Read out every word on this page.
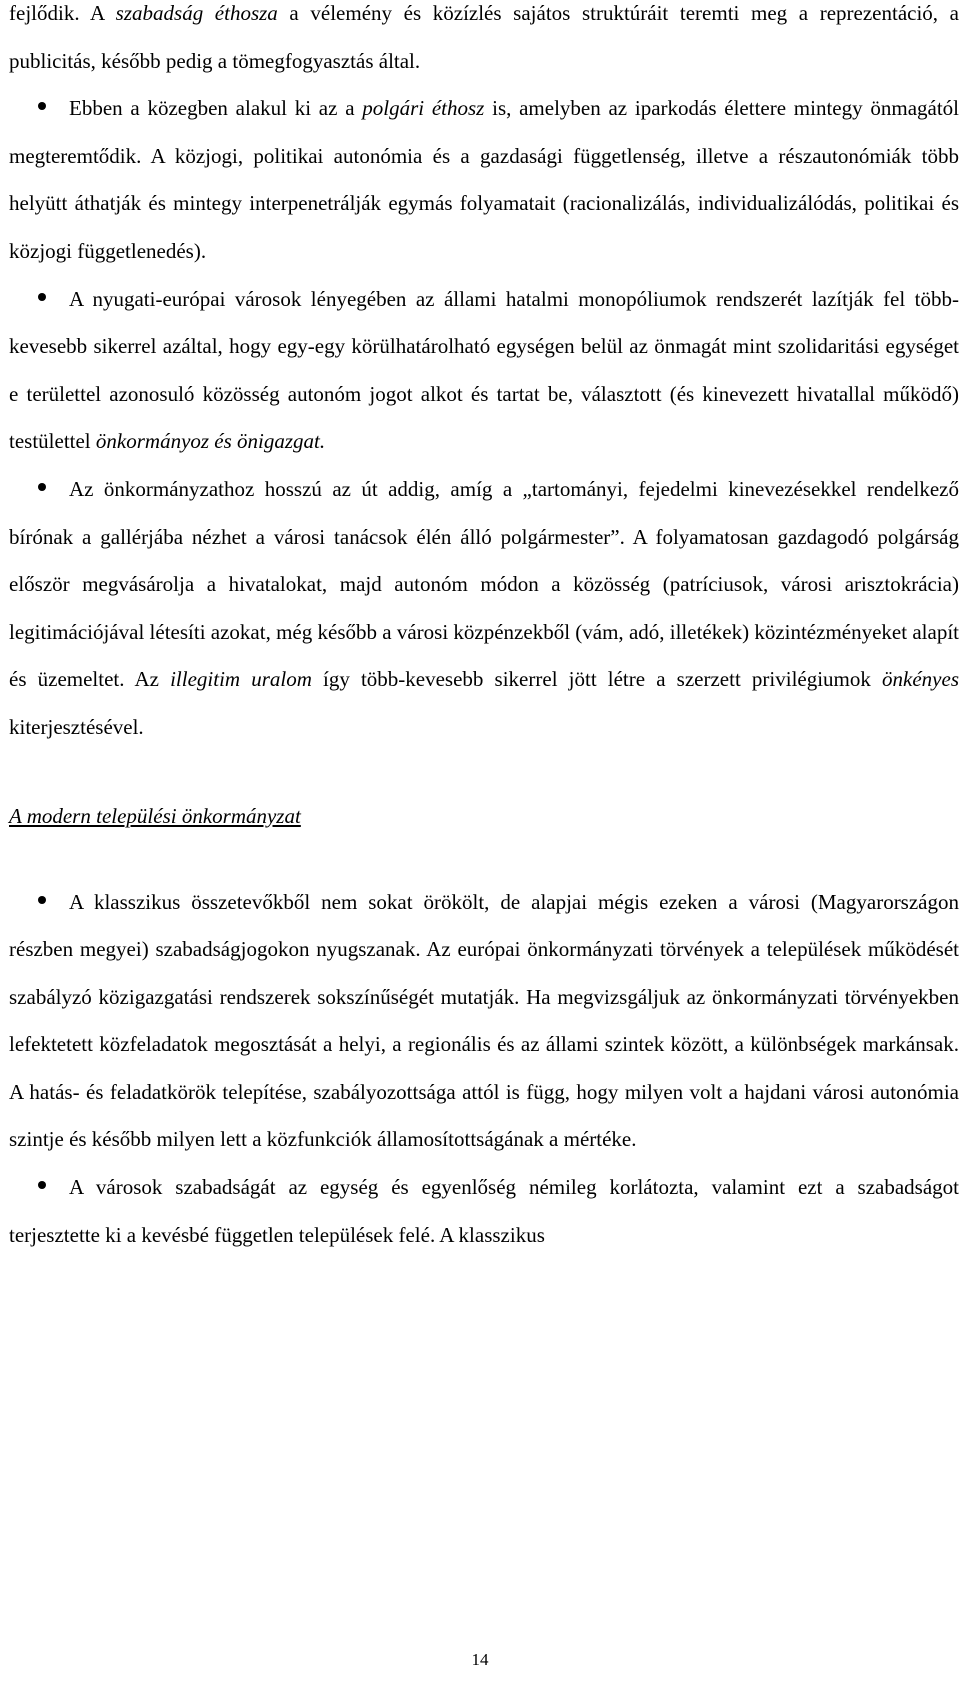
fejlődik. A szabadság éthosza a vélemény és közízlés sajátos struktúráit teremti meg a reprezentáció, a publicitás, később pedig a tömegfogyasztás által.

Ebben a közegben alakul ki az a polgári éthosz is, amelyben az iparkodás élettere mintegy önmagától megteremtődik. A közjogi, politikai autonómia és a gazdasági függetlenség, illetve a részautonómiák több helyütt áthatják és mintegy interpenetrálják egymás folyamatait (racionalizálás, individualizálódás, politikai és közjogi függetlenedés).

A nyugati-európai városok lényegében az állami hatalmi monopóliumok rendszerét lazítják fel több-kevesebb sikerrel azáltal, hogy egy-egy körülhatárolható egységen belül az önmagát mint szolidaritási egységet e területtel azonosuló közösség autonóm jogot alkot és tartat be, választott (és kinevezett hivatallal működő) testülettel önkormányoz és önigazgat.

Az önkormányzathoz hosszú az út addig, amíg a „tartományi, fejedelmi kinevezésekkel rendelkező bírónak a gallérjába nézhet a városi tanácsok élén álló polgármester”. A folyamatosan gazdagodó polgárság először megvásárolja a hivatalokat, majd autonóm módon a közösség (patríciusok, városi arisztokrácia) legitimációjával létesíti azokat, még később a városi közpénzekből (vám, adó, illetékek) közintézményeket alapít és üzemeltet. Az illegitim uralom így több-kevesebb sikerrel jött létre a szerzett privilégiumok önkényes kiterjesztésével.

A modern települési önkormányzat

A klasszikus összetevőkből nem sokat örökölt, de alapjai mégis ezeken a városi (Magyarországon részben megyei) szabadságjogokon nyugszanak. Az európai önkormányzati törvények a települések működését szabályzó közigazgatási rendszerek sokszínűségét mutatják. Ha megvizsgáljuk az önkormányzati törvényekben lefektetett közfeladatok megosztását a helyi, a regionális és az állami szintek között, a különbségek markánsak. A hatás- és feladatkörök telepítése, szabályozottsága attól is függ, hogy milyen volt a hajdani városi autonómia szintje és később milyen lett a közfunkciók államosítottságának a mértéke.

A városok szabadságát az egység és egyenlőség némileg korlátozta, valamint ezt a szabadságot terjesztette ki a kevésbé független települések felé. A klasszikus

14
